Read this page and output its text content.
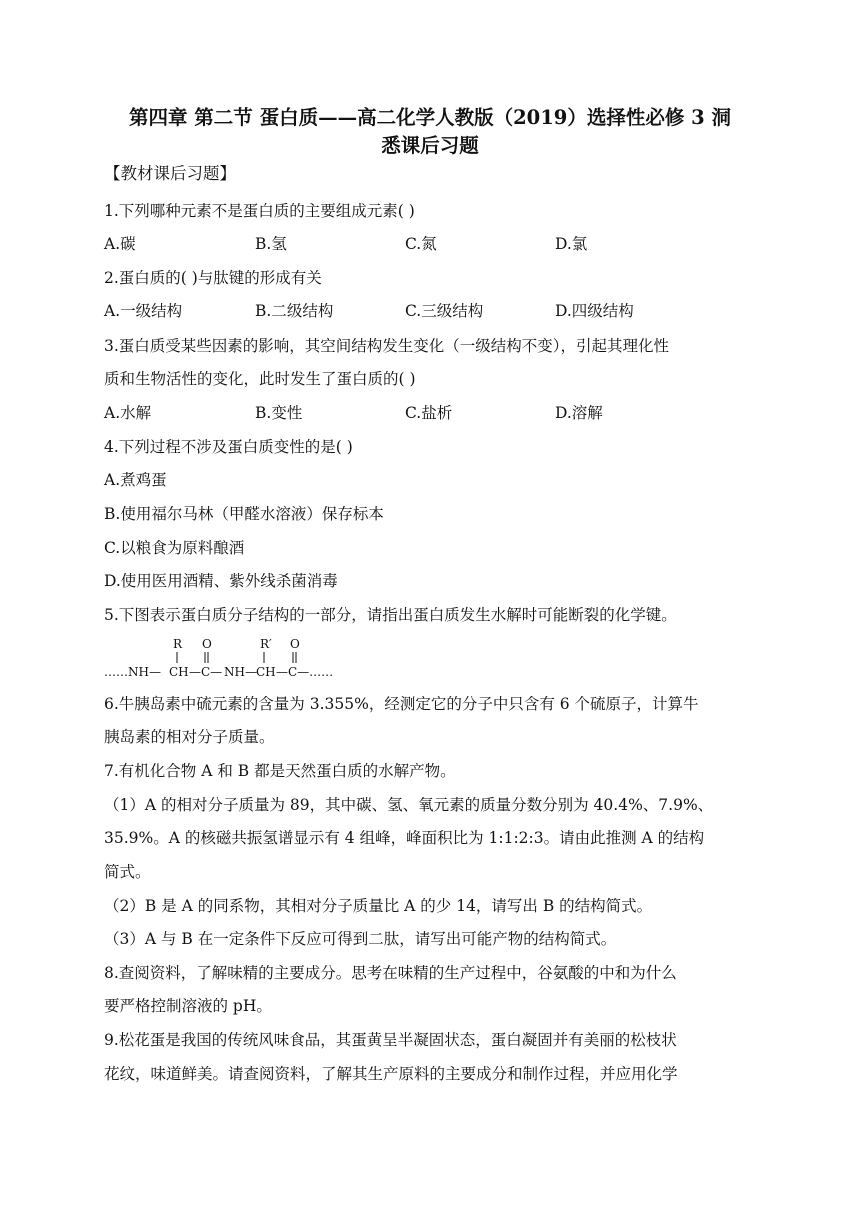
第四章 第二节 蛋白质——高二化学人教版（2019）选择性必修 3 洞
悉课后习题
【教材课后习题】
1.下列哪种元素不是蛋白质的主要组成元素( )
A.碳	B.氢	C.氮	D.氯
2.蛋白质的( )与肽键的形成有关
A.一级结构	B.二级结构	C.三级结构	D.四级结构
3.蛋白质受某些因素的影响，其空间结构发生变化（一级结构不变），引起其理化性
质和生物活性的变化，此时发生了蛋白质的( )
A.水解	B.变性	C.盐析	D.溶解
4.下列过程不涉及蛋白质变性的是( )
A.煮鸡蛋
B.使用福尔马林（甲醛水溶液）保存标本
C.以粮食为原料酿酒
D.使用医用酒精、紫外线杀菌消毒
5.下图表示蛋白质分子结构的一部分，请指出蛋白质发生水解时可能断裂的化学键。
R O	R′ O
……NH— CH —C— NH— CH —C—……
6.牛胰岛素中硫元素的含量为 3.355%，经测定它的分子中只含有 6 个硫原子，计算牛
胰岛素的相对分子质量。
7.有机化合物 A 和 B 都是天然蛋白质的水解产物。
（1）A 的相对分子质量为 89，其中碳、氢、氧元素的质量分数分别为 40.4%、7.9%、
35.9%。A 的核磁共振氢谱显示有 4 组峰，峰面积比为 1:1:2:3。请由此推测 A 的结构
简式。
（2）B 是 A 的同系物，其相对分子质量比 A 的少 14，请写出 B 的结构简式。
（3）A 与 B 在一定条件下反应可得到二肽，请写出可能产物的结构简式。
8.查阅资料，了解味精的主要成分。思考在味精的生产过程中，谷氨酸的中和为什么
要严格控制溶液的 pH。
9.松花蛋是我国的传统风味食品，其蛋黄呈半凝固状态，蛋白凝固并有美丽的松枝状
花纹，味道鲜美。请查阅资料，了解其生产原料的主要成分和制作过程，并应用化学
